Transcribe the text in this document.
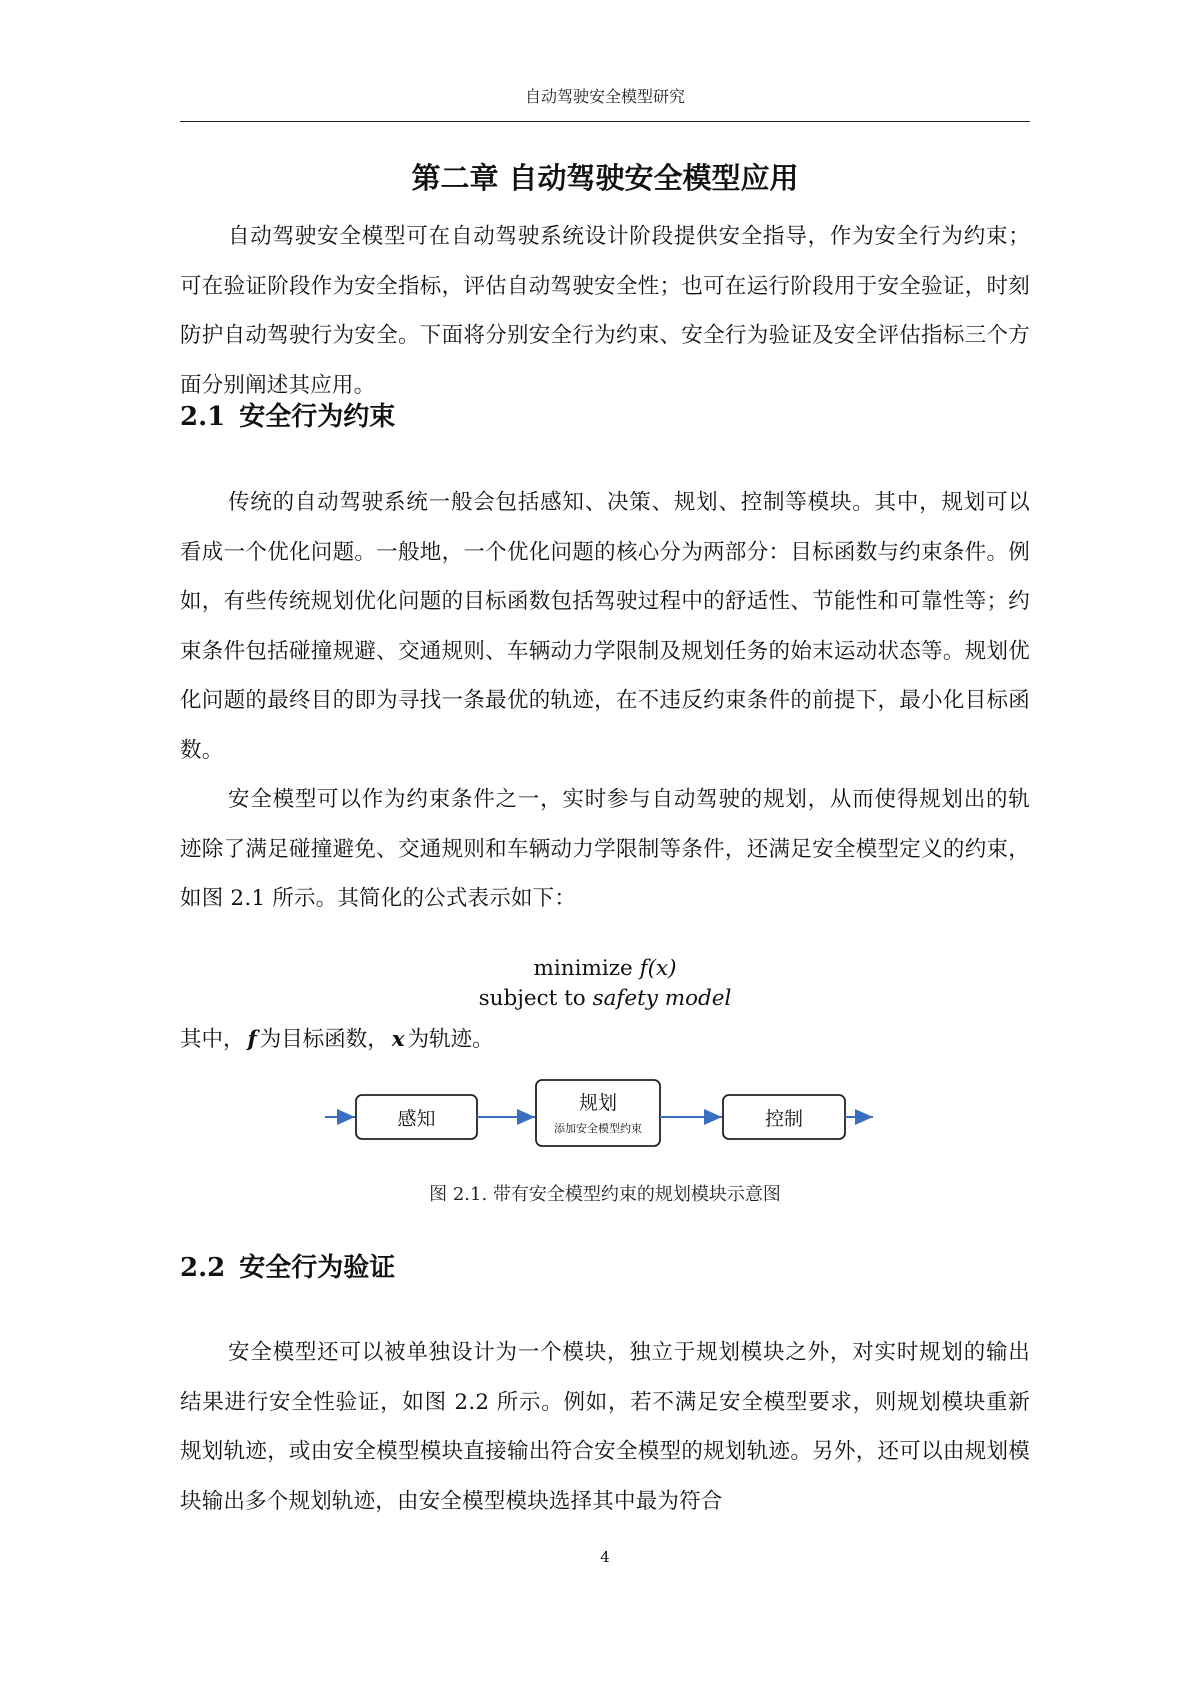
自动驾驶安全模型研究
第二章 自动驾驶安全模型应用

自动驾驶安全模型可在自动驾驶系统设计阶段提供安全指导，作为安全行为约束；可在验证阶段作为安全指标，评估自动驾驶安全性；也可在运行阶段用于安全验证，时刻防护自动驾驶行为安全。下面将分别安全行为约束、安全行为验证及安全评估指标三个方面分别阐述其应用。

2.1 安全行为约束

传统的自动驾驶系统一般会包括感知、决策、规划、控制等模块。其中，规划可以看成一个优化问题。一般地，一个优化问题的核心分为两部分：目标函数与约束条件。例如，有些传统规划优化问题的目标函数包括驾驶过程中的舒适性、节能性和可靠性等；约束条件包括碰撞规避、交通规则、车辆动力学限制及规划任务的始末运动状态等。规划优化问题的最终目的即为寻找一条最优的轨迹，在不违反约束条件的前提下，最小化目标函数。

安全模型可以作为约束条件之一，实时参与自动驾驶的规划，从而使得规划出的轨迹除了满足碰撞避免、交通规则和车辆动力学限制等条件，还满足安全模型定义的约束，如图 2.1 所示。其简化的公式表示如下：

minimize f(x)
subject to safety model

其中， f 为目标函数， x 为轨迹。

感知
规划
添加安全模型约束	控制
图 2.1. 带有安全模型约束的规划模块示意图
2.2 安全行为验证

安全模型还可以被单独设计为一个模块，独立于规划模块之外，对实时规划的输出结果进行安全性验证，如图 2.2 所示。例如，若不满足安全模型要求，则规划模块重新规划轨迹，或由安全模型模块直接输出符合安全模型的规划轨迹。另外，还可以由规划模块输出多个规划轨迹，由安全模型模块选择其中最为符合

4
